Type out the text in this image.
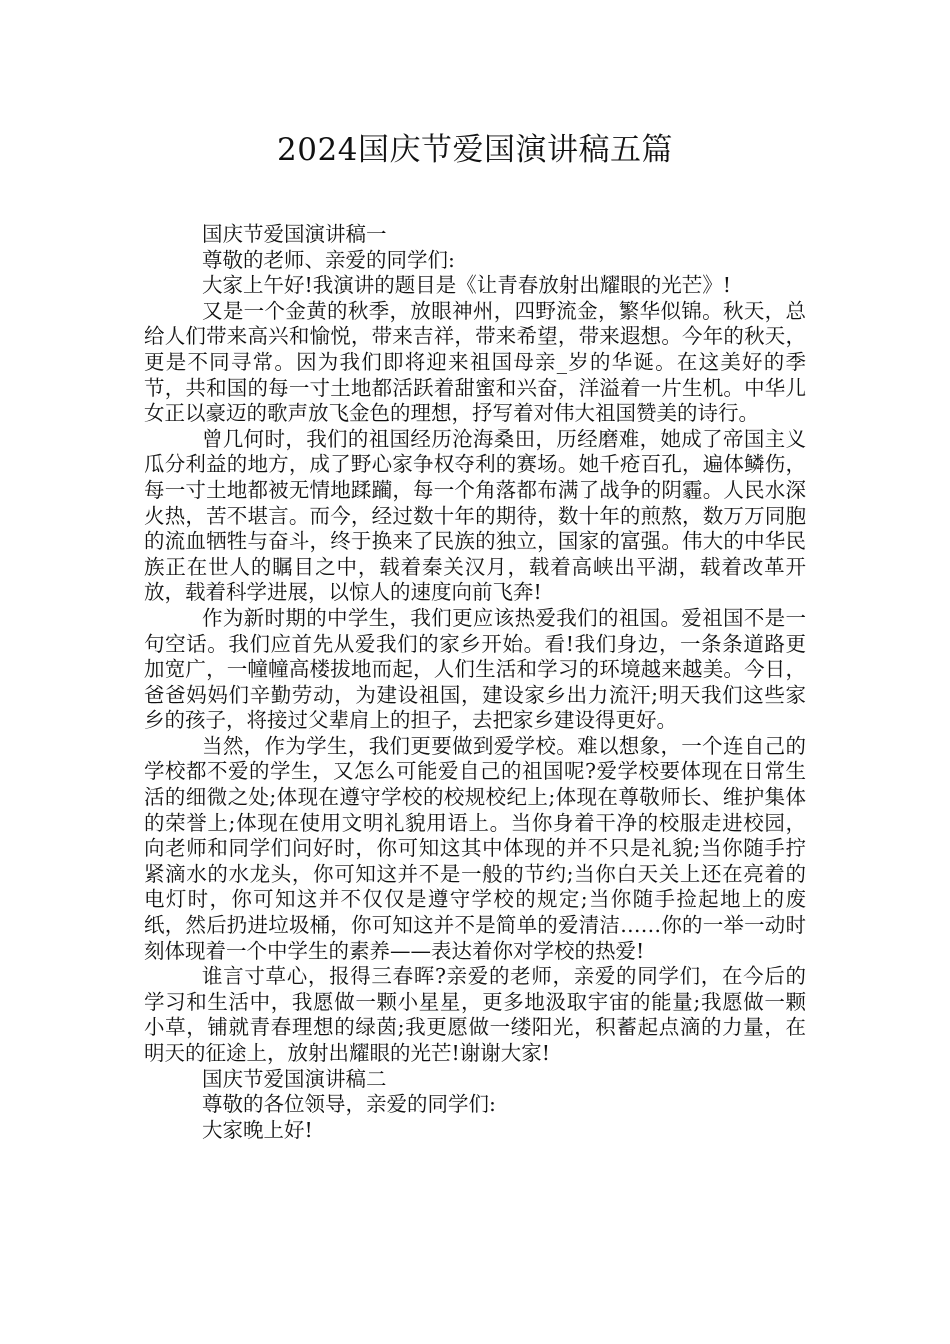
2024国庆节爱国演讲稿五篇

国庆节爱国演讲稿一

尊敬的老师、亲爱的同学们:

大家上午好!我演讲的题目是《让青春放射出耀眼的光芒》!

又是一个金黄的秋季，放眼神州，四野流金，繁华似锦。秋天，总给人们带来高兴和愉悦，带来吉祥，带来希望，带来遐想。今年的秋天，更是不同寻常。因为我们即将迎来祖国母亲_岁的华诞。在这美好的季节，共和国的每一寸土地都活跃着甜蜜和兴奋，洋溢着一片生机。中华儿女正以豪迈的歌声放飞金色的理想，抒写着对伟大祖国赞美的诗行。

曾几何时，我们的祖国经历沧海桑田，历经磨难，她成了帝国主义瓜分利益的地方，成了野心家争权夺利的赛场。她千疮百孔，遍体鳞伤，每一寸土地都被无情地蹂躏，每一个角落都布满了战争的阴霾。人民水深火热，苦不堪言。而今，经过数十年的期待，数十年的煎熬，数万万同胞的流血牺牲与奋斗，终于换来了民族的独立，国家的富强。伟大的中华民族正在世人的瞩目之中，载着秦关汉月，载着高峡出平湖，载着改革开放，载着科学进展，以惊人的速度向前飞奔!

作为新时期的中学生，我们更应该热爱我们的祖国。爱祖国不是一句空话。我们应首先从爱我们的家乡开始。看!我们身边，一条条道路更加宽广，一幢幢高楼拔地而起，人们生活和学习的环境越来越美。今日，爸爸妈妈们辛勤劳动，为建设祖国，建设家乡出力流汗;明天我们这些家乡的孩子，将接过父辈肩上的担子，去把家乡建设得更好。

当然，作为学生，我们更要做到爱学校。难以想象，一个连自己的学校都不爱的学生，又怎么可能爱自己的祖国呢?爱学校要体现在日常生活的细微之处;体现在遵守学校的校规校纪上;体现在尊敬师长、维护集体的荣誉上;体现在使用文明礼貌用语上。当你身着干净的校服走进校园，向老师和同学们问好时，你可知这其中体现的并不只是礼貌;当你随手拧紧滴水的水龙头，你可知这并不是一般的节约;当你白天关上还在亮着的电灯时，你可知这并不仅仅是遵守学校的规定;当你随手捡起地上的废纸，然后扔进垃圾桶，你可知这并不是简单的爱清洁……你的一举一动时刻体现着一个中学生的素养——表达着你对学校的热爱!

谁言寸草心，报得三春晖?亲爱的老师，亲爱的同学们，在今后的学习和生活中，我愿做一颗小星星，更多地汲取宇宙的能量;我愿做一颗小草，铺就青春理想的绿茵;我更愿做一缕阳光，积蓄起点滴的力量，在明天的征途上，放射出耀眼的光芒!谢谢大家!

国庆节爱国演讲稿二

尊敬的各位领导，亲爱的同学们:

大家晚上好!
